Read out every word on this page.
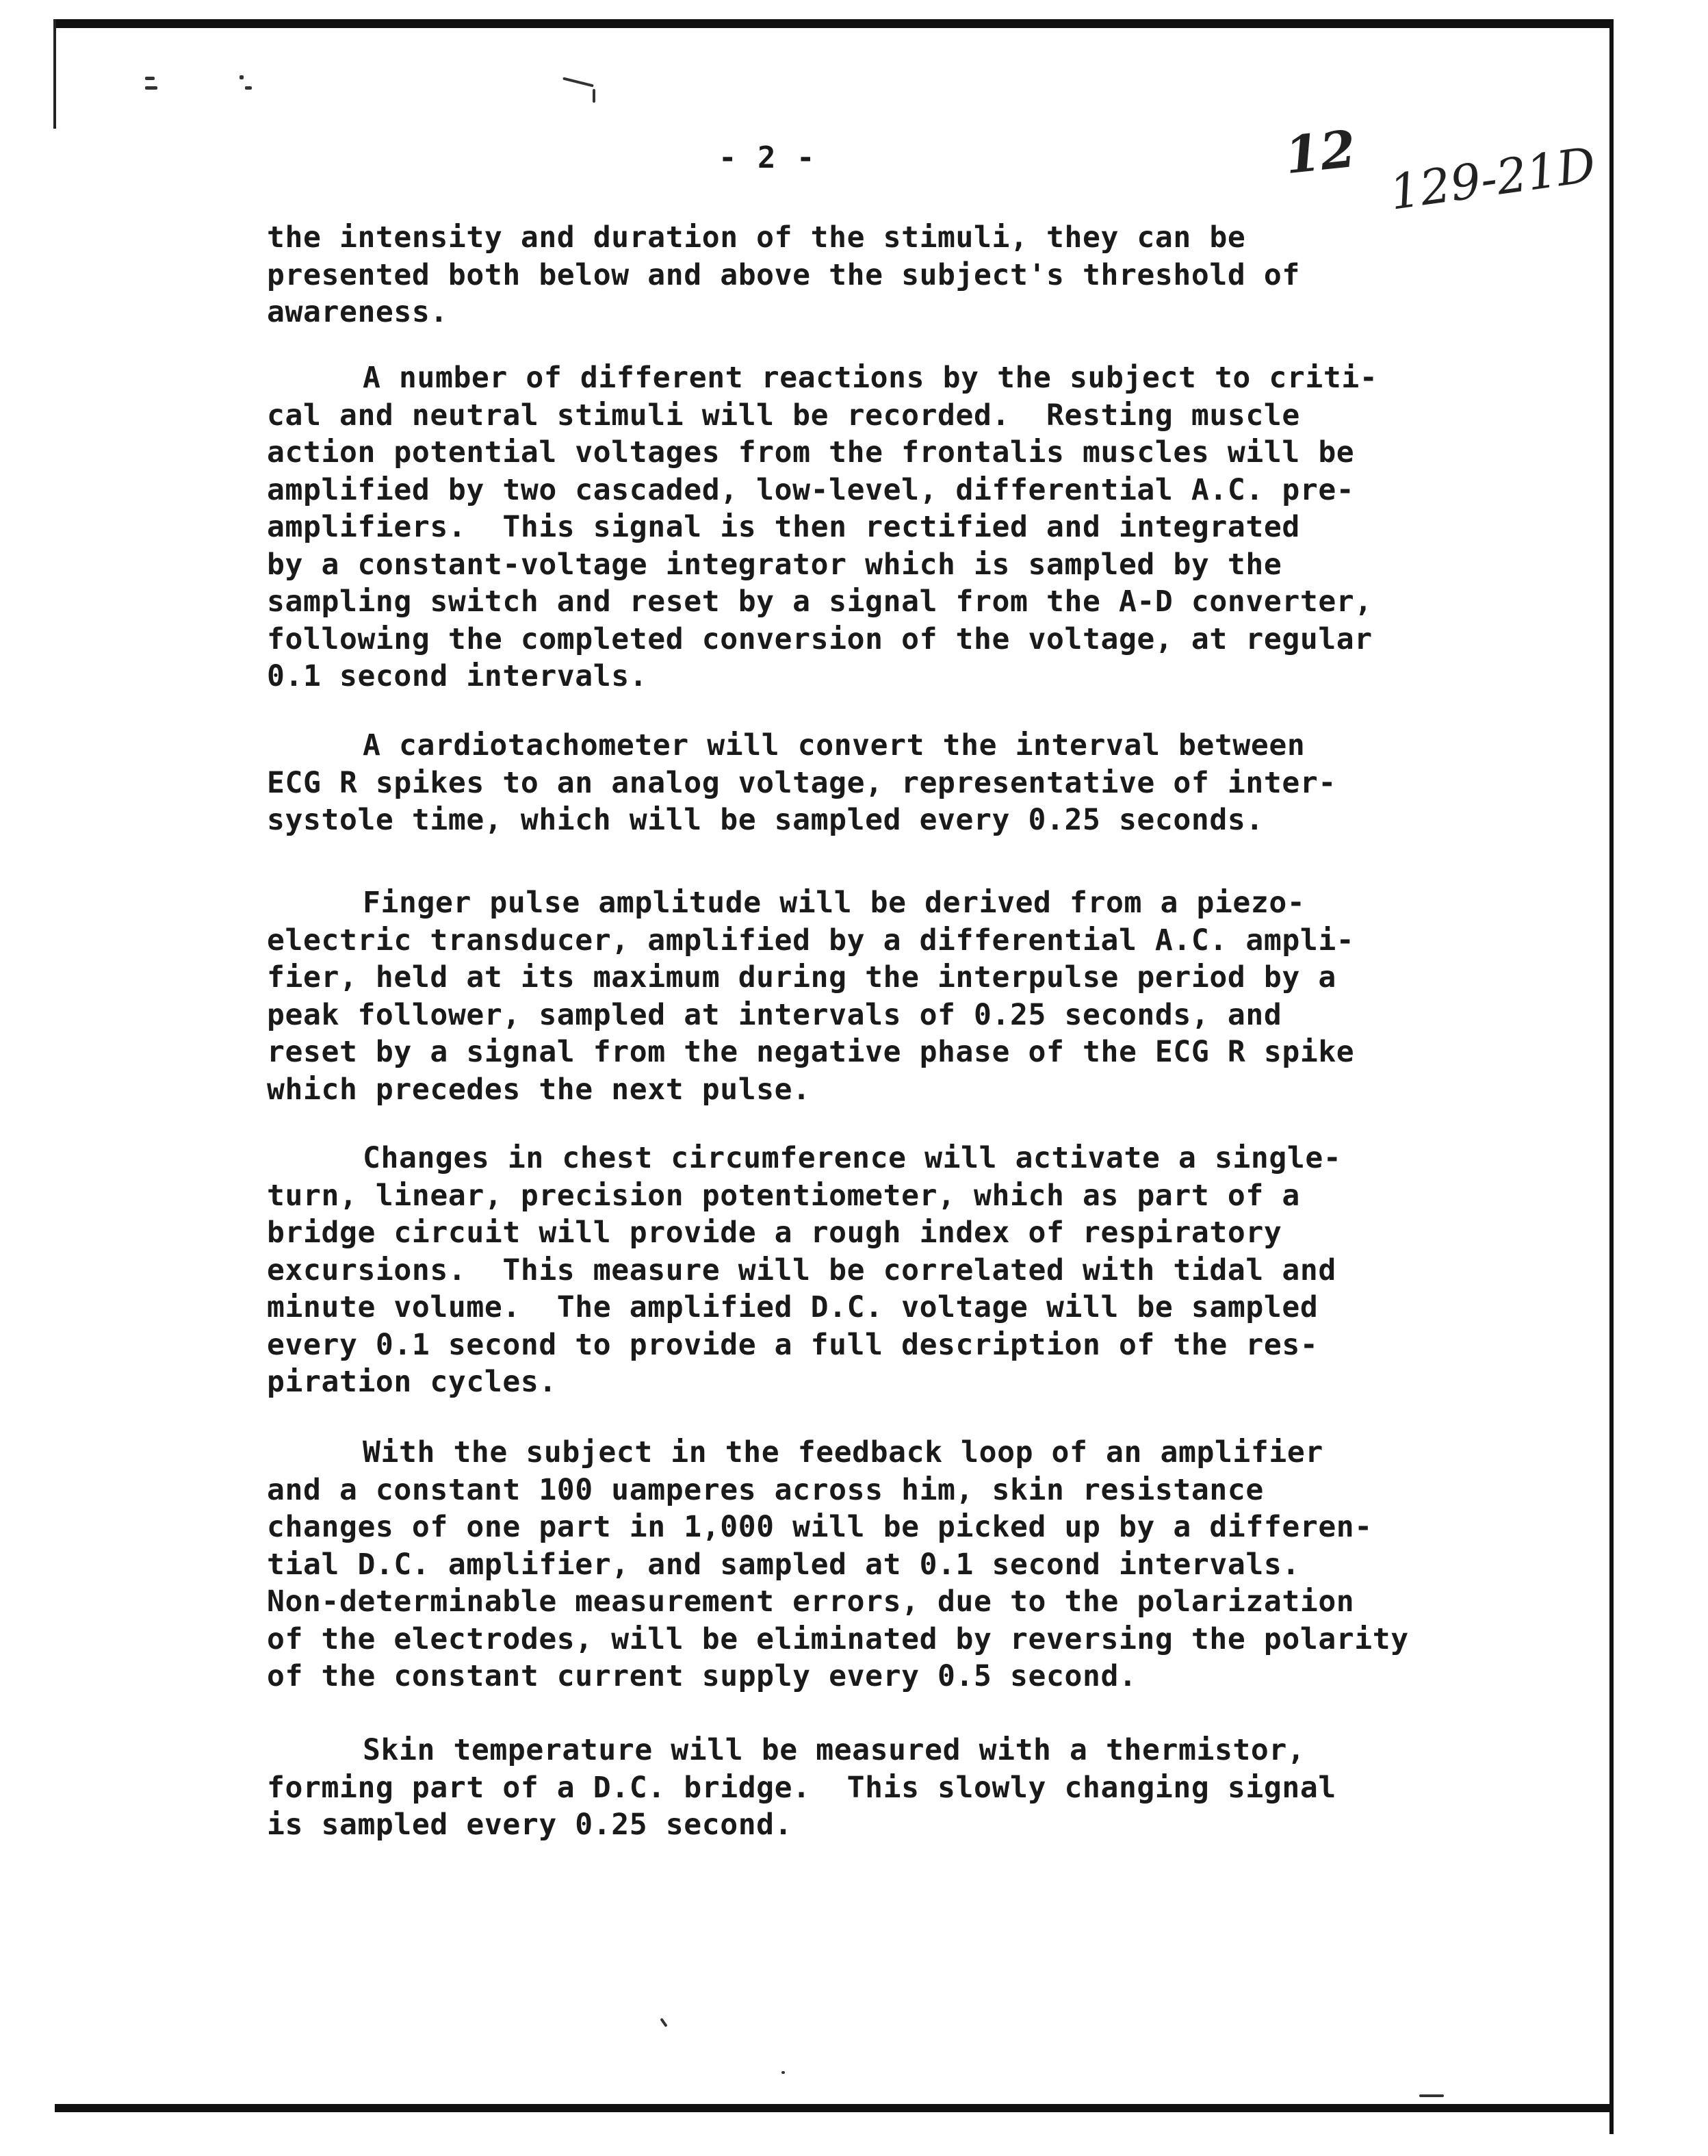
- 2 -	12 129-21D
the intensity and duration of the stimuli, they can be
presented both below and above the subject's threshold of
awareness.
A number of different reactions by the subject to criti-
cal and neutral stimuli will be recorded.  Resting muscle
action potential voltages from the frontalis muscles will be
amplified by two cascaded, low-level, differential A.C. pre-
amplifiers.  This signal is then rectified and integrated
by a constant-voltage integrator which is sampled by the
sampling switch and reset by a signal from the A-D converter,
following the completed conversion of the voltage, at regular
0.1 second intervals.
A cardiotachometer will convert the interval between
ECG R spikes to an analog voltage, representative of inter-
systole time, which will be sampled every 0.25 seconds.
Finger pulse amplitude will be derived from a piezo-
electric transducer, amplified by a differential A.C. ampli-
fier, held at its maximum during the interpulse period by a
peak follower, sampled at intervals of 0.25 seconds, and
reset by a signal from the negative phase of the ECG R spike
which precedes the next pulse.
Changes in chest circumference will activate a single-
turn, linear, precision potentiometer, which as part of a
bridge circuit will provide a rough index of respiratory
excursions.  This measure will be correlated with tidal and
minute volume.  The amplified D.C. voltage will be sampled
every 0.1 second to provide a full description of the res-
piration cycles.
With the subject in the feedback loop of an amplifier
and a constant 100 uamperes across him, skin resistance
changes of one part in 1,000 will be picked up by a differen-
tial D.C. amplifier, and sampled at 0.1 second intervals.
Non-determinable measurement errors, due to the polarization
of the electrodes, will be eliminated by reversing the polarity
of the constant current supply every 0.5 second.
Skin temperature will be measured with a thermistor,
forming part of a D.C. bridge.  This slowly changing signal
is sampled every 0.25 second.
